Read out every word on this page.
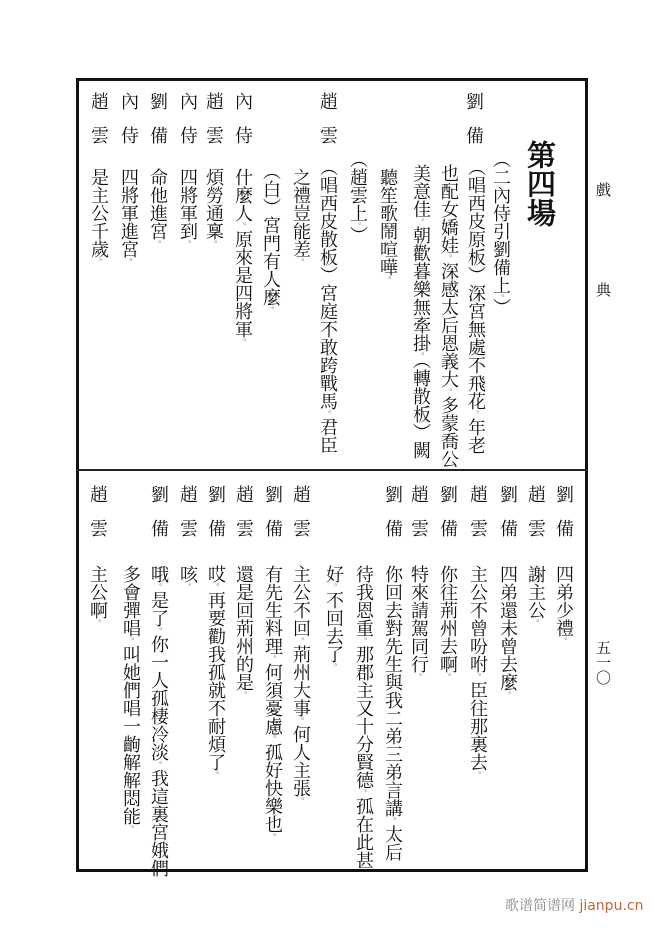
戲
典
五一〇
第四場
（二內侍引劉備上。）
劉備
（唱西皮原板）深宮無處不飛花。年老
也配女嬌娃。深感太后恩義大。多蒙喬公
美意佳。朝歡暮樂無牽掛。（轉散板）闕
聽笙歌鬧喧嘩。
（趙雲上。）
趙雲
（唱西皮散板）宮庭不敢跨戰馬。君臣
之禮豈能差。
（白）宮門有人麼。
內侍
什麼人。原來是四將軍。
趙雲
煩勞通稟。
內侍
四將軍到。
劉備
命他進宮。
內侍
四將軍進宮。
趙雲
是主公千歲。
劉備
四弟少禮。
趙雲
謝主公。
劉備
四弟還未曾去麼。
趙雲
主公不曾吩咐。臣往那裏去。
劉備
你往荊州去啊。
趙雲
特來請駕同行。
劉備
你回去對先生與我二弟三弟言講。太后
待我恩重。那郡主又十分賢德。孤在此甚
好。不回去了。
趙雲
主公不回。荊州大事。何人主張。
劉備
有先生料理。何須憂慮。孤好快樂也。
趙雲
還是回荊州的是。
劉備
哎。再要勸我孤就不耐煩了。
趙雲
咳。
劉備
哦。是了。你一人孤棲冷淡。我這裏宮娥們
多會彈唱。叫她們唱一齣解解悶能。
趙雲
主公啊。
歌谱简谱网 jianpu.cn
